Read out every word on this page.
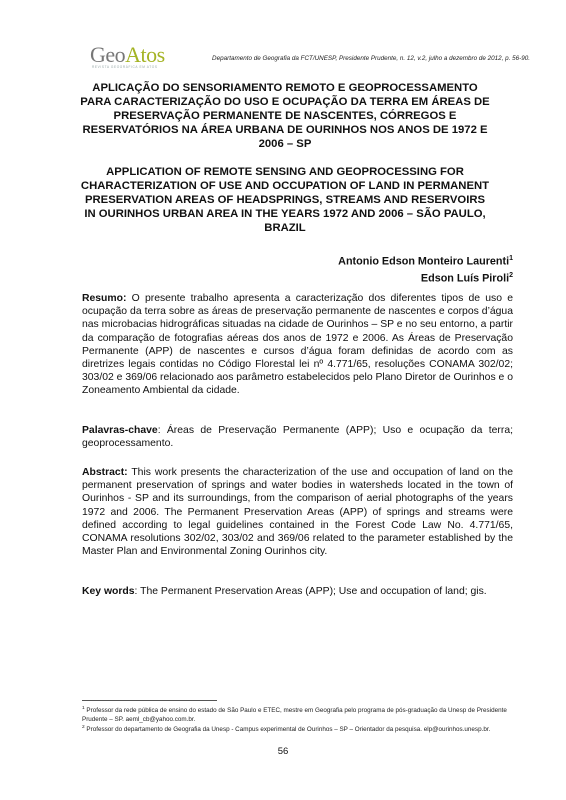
GeoAtos
REVISTA GEOGRÁFICA EM ATOS
Departamento de Geografia da FCT/UNESP, Presidente Prudente, n. 12, v.2, julho a dezembro de 2012, p. 56-90.

APLICAÇÃO DO SENSORIAMENTO REMOTO E GEOPROCESSAMENTO PARA CARACTERIZAÇÃO DO USO E OCUPAÇÃO DA TERRA EM ÁREAS DE PRESERVAÇÃO PERMANENTE DE NASCENTES, CÓRREGOS E RESERVATÓRIOS NA ÁREA URBANA DE OURINHOS NOS ANOS DE 1972 E 2006 – SP

APPLICATION OF REMOTE SENSING AND GEOPROCESSING FOR CHARACTERIZATION OF USE AND OCCUPATION OF LAND IN PERMANENT PRESERVATION AREAS OF HEADSPRINGS, STREAMS AND RESERVOIRS IN OURINHOS URBAN AREA IN THE YEARS 1972 AND 2006 – SÃO PAULO, BRAZIL

Antonio Edson Monteiro Laurenti$^1$
Edson Luís Piroli$^2$

Resumo: O presente trabalho apresenta a caracterização dos diferentes tipos de uso e ocupação da terra sobre as áreas de preservação permanente de nascentes e corpos d’água nas microbacias hidrográficas situadas na cidade de Ourinhos – SP e no seu entorno, a partir da comparação de fotografias aéreas dos anos de 1972 e 2006. As Áreas de Preservação Permanente (APP) de nascentes e cursos d’água foram definidas de acordo com as diretrizes legais contidas no Código Florestal lei nº 4.771/65, resoluções CONAMA 302/02; 303/02 e 369/06 relacionado aos parâmetro estabelecidos pelo Plano Diretor de Ourinhos e o Zoneamento Ambiental da cidade.

Palavras-chave: Áreas de Preservação Permanente (APP); Uso e ocupação da terra; geoprocessamento.

Abstract: This work presents the characterization of the use and occupation of land on the permanent preservation of springs and water bodies in watersheds located in the town of Ourinhos - SP and its surroundings, from the comparison of aerial photographs of the years 1972 and 2006. The Permanent Preservation Areas (APP) of springs and streams were defined according to legal guidelines contained in the Forest Code Law No. 4.771/65, CONAMA resolutions 302/02, 303/02 and 369/06 related to the parameter established by the Master Plan and Environmental Zoning Ourinhos city.

Key words: The Permanent Preservation Areas (APP); Use and occupation of land; gis.

$^1$ Professor da rede pública de ensino do estado de São Paulo e ETEC, mestre em Geografia pelo programa de pós-graduação da Unesp de Presidente Prudente – SP. aeml_cb@yahoo.com.br.

$^2$ Professor do departamento de Geografia da Unesp - Campus experimental de Ourinhos – SP – Orientador da pesquisa. elp@ourinhos.unesp.br.

56
